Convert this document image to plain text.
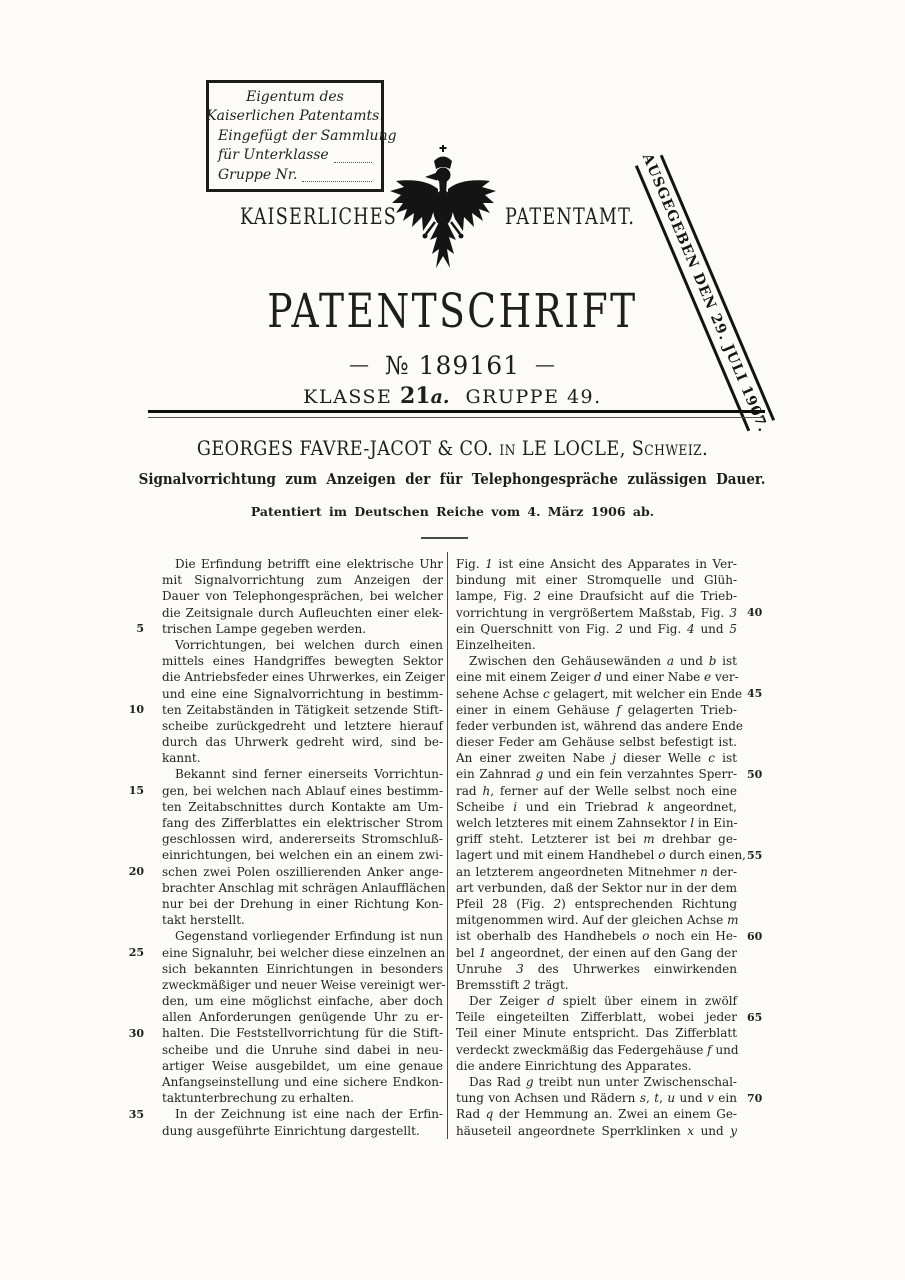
Eigentum des
Kaiserlichen Patentamts.
Eingefügt der Sammlung
für Unterklasse
Gruppe Nr.
KAISERLICHES	PATENTAMT. AUSGEGEBEN DEN 29. JULI 1907.
PATENTSCHRIFT
— № 189161 —
KLASSE 21a. GRUPPE 49.
GEORGES FAVRE-JACOT & CO. in LE LOCLE, Schweiz.
Signalvorrichtung zum Anzeigen der für Telephongespräche zulässigen Dauer.
Patentiert im Deutschen Reiche vom 4. März 1906 ab.
Die Erfindung betrifft eine elektrische Uhr
mit Signalvorrichtung zum Anzeigen der
Dauer von Telephongesprächen, bei welcher
die Zeitsignale durch Aufleuchten einer elek-
trischen Lampe gegeben werden.
Vorrichtungen, bei welchen durch einen
mittels eines Handgriffes bewegten Sektor
die Antriebsfeder eines Uhrwerkes, ein Zeiger
und eine eine Signalvorrichtung in bestimm-
ten Zeitabständen in Tätigkeit setzende Stift-
scheibe zurückgedreht und letztere hierauf
durch das Uhrwerk gedreht wird, sind be-
kannt.
Bekannt sind ferner einerseits Vorrichtun-
gen, bei welchen nach Ablauf eines bestimm-
ten Zeitabschnittes durch Kontakte am Um-
fang des Zifferblattes ein elektrischer Strom
geschlossen wird, andererseits Stromschluß-
einrichtungen, bei welchen ein an einem zwi-
schen zwei Polen oszillierenden Anker ange-
brachter Anschlag mit schrägen Anlaufflächen
nur bei der Drehung in einer Richtung Kon-
takt herstellt.
Gegenstand vorliegender Erfindung ist nun
eine Signaluhr, bei welcher diese einzelnen an
sich bekannten Einrichtungen in besonders
zweckmäßiger und neuer Weise vereinigt wer-
den, um eine möglichst einfache, aber doch
allen Anforderungen genügende Uhr zu er-
halten. Die Feststellvorrichtung für die Stift-
scheibe und die Unruhe sind dabei in neu-
artiger Weise ausgebildet, um eine genaue
Anfangseinstellung und eine sichere Endkon-
taktunterbrechung zu erhalten.
In der Zeichnung ist eine nach der Erfin-
dung ausgeführte Einrichtung dargestellt.
Fig. 1 ist eine Ansicht des Apparates in Ver-
bindung mit einer Stromquelle und Glüh-
lampe, Fig. 2 eine Draufsicht auf die Trieb-
vorrichtung in vergrößertem Maßstab, Fig. 3
ein Querschnitt von Fig. 2 und Fig. 4 und 5
Einzelheiten.
Zwischen den Gehäusewänden a und b ist
eine mit einem Zeiger d und einer Nabe e ver-
sehene Achse c gelagert, mit welcher ein Ende
einer in einem Gehäuse f gelagerten Trieb-
feder verbunden ist, während das andere Ende
dieser Feder am Gehäuse selbst befestigt ist.
An einer zweiten Nabe j dieser Welle c ist
ein Zahnrad g und ein fein verzahntes Sperr-
rad h, ferner auf der Welle selbst noch eine
Scheibe i und ein Triebrad k angeordnet,
welch letzteres mit einem Zahnsektor l in Ein-
griff steht. Letzterer ist bei m drehbar ge-
lagert und mit einem Handhebel o durch einen,
an letzterem angeordneten Mitnehmer n der-
art verbunden, daß der Sektor nur in der dem
Pfeil 28 (Fig. 2) entsprechenden Richtung
mitgenommen wird. Auf der gleichen Achse m
ist oberhalb des Handhebels o noch ein He-
bel 1 angeordnet, der einen auf den Gang der
Unruhe 3 des Uhrwerkes einwirkenden
Bremsstift 2 trägt.
Der Zeiger d spielt über einem in zwölf
Teile eingeteilten Zifferblatt, wobei jeder
Teil einer Minute entspricht. Das Zifferblatt
verdeckt zweckmäßig das Federgehäuse f und
die andere Einrichtung des Apparates.
Das Rad g treibt nun unter Zwischenschal-
tung von Achsen und Rädern s, t, u und v ein
Rad q der Hemmung an. Zwei an einem Ge-
häuseteil angeordnete Sperrklinken x und y
5
10
15
20
25
30
35
40
45
50
55
60
65
70
